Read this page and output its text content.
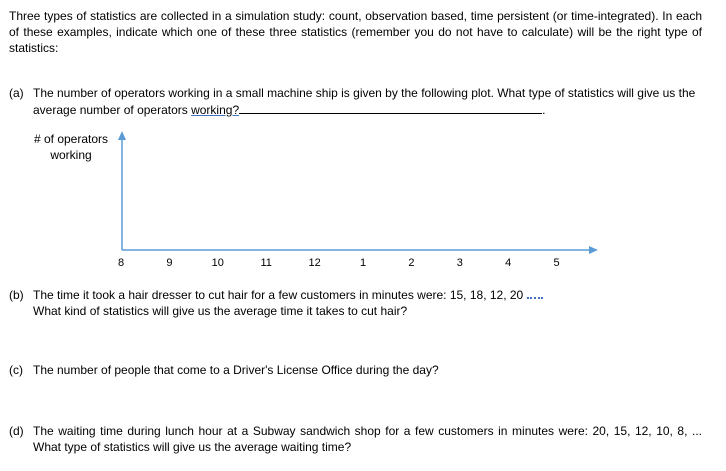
Three types of statistics are collected in a simulation study: count, observation based, time persistent (or time-integrated). In each of these examples, indicate which one of these three statistics (remember you do not have to calculate) will be the right type of statistics:

(a) The number of operators working in a small machine ship is given by the following plot. What type of statistics will give us the average number of operators working?	.
# of operators
working
8	9	10	11	12	1	2	3	4	5
(b) The time it took a hair dresser to cut hair for a few customers in minutes were: 15, 18, 12, 20
What kind of statistics will give us the average time it takes to cut hair?
(c) The number of people that come to a Driver's License Office during the day?
(d) The waiting time during lunch hour at a Subway sandwich shop for a few customers in minutes were: 20, 15, 12, 10, 8, ... What type of statistics will give us the average waiting time?
